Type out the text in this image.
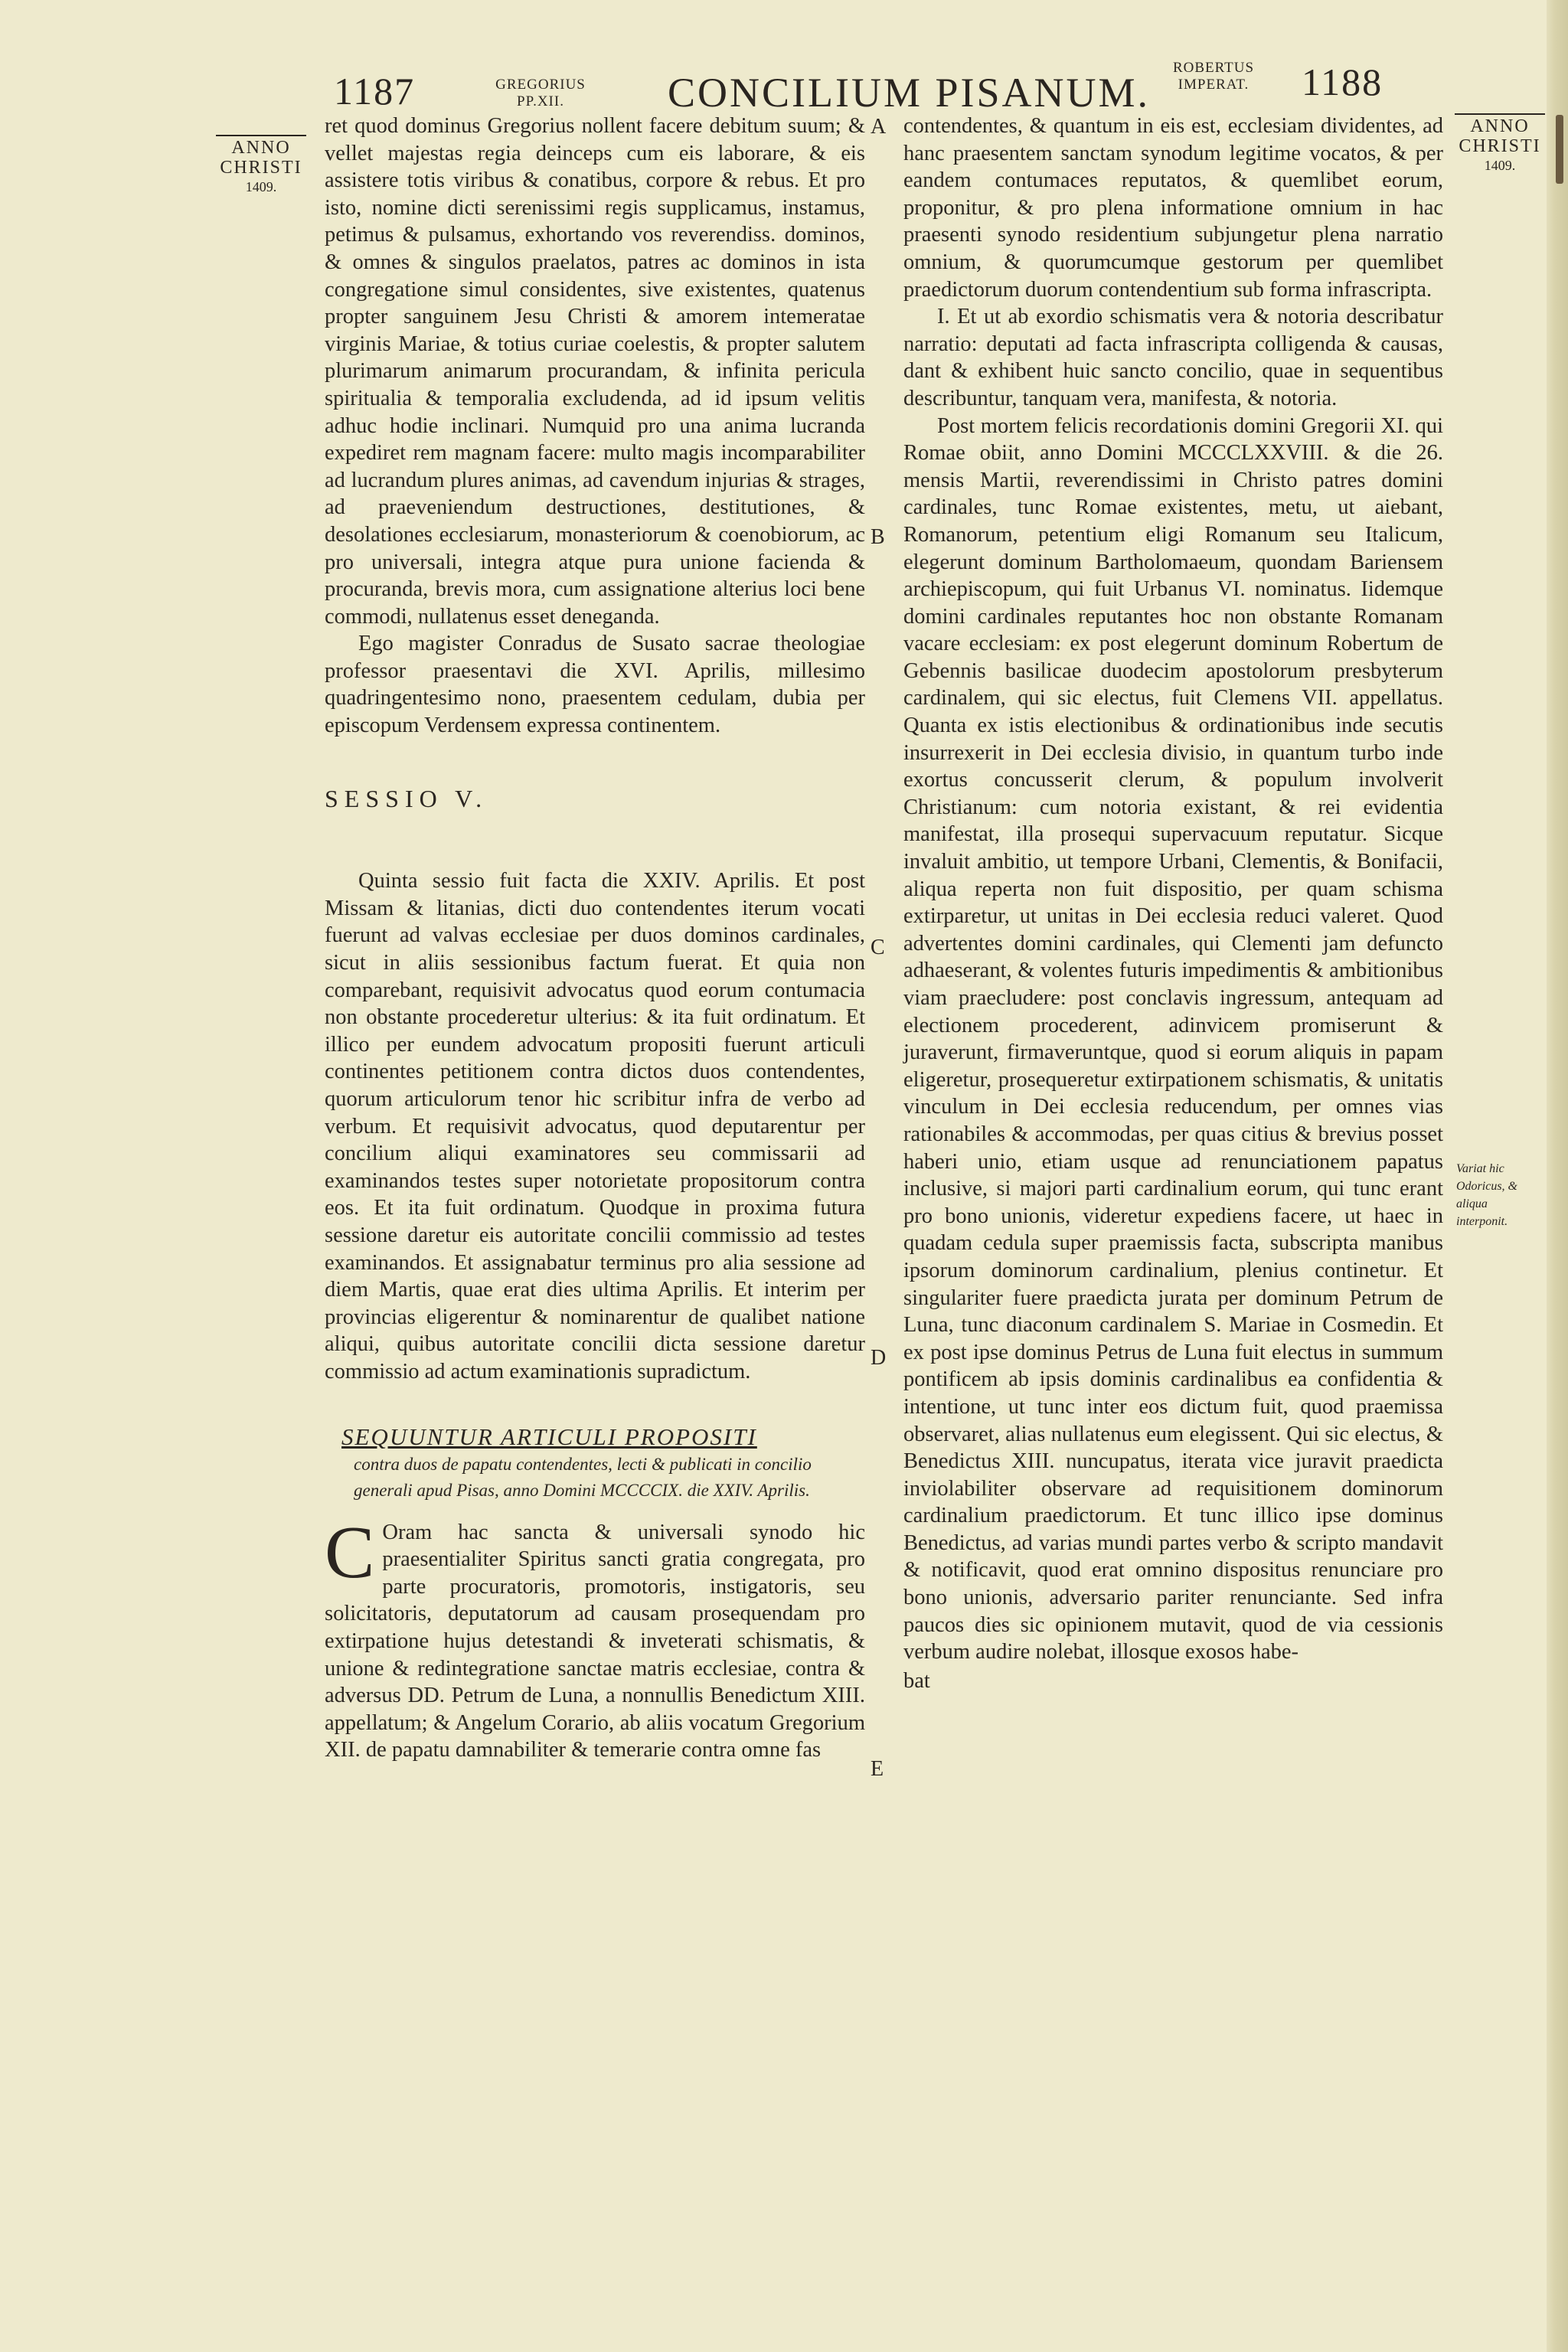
1187	GREGORIUS PP.XII.	CONCILIUM PISANUM.
ROBERTUS IMPERAT.	1188
ANNO
CHRISTI
1409.
ANNO
CHRISTI
1409.
Variat hic Odoricus, & aliqua interponit.
A
B
C
D
E

ret quod dominus Gregorius nollent facere debitum suum; & vellet majestas regia deinceps cum eis laborare, & eis assistere totis viribus & conatibus, corpore & rebus. Et pro isto, nomine dicti serenissimi regis supplicamus, instamus, petimus & pulsamus, exhortando vos reverendiss. dominos, & omnes & singulos praelatos, patres ac dominos in ista congregatione simul considentes, sive existentes, quatenus propter sanguinem Jesu Christi & amorem intemeratae virginis Mariae, & totius curiae coelestis, & propter salutem plurimarum animarum procurandam, & infinita pericula spiritualia & temporalia excludenda, ad id ipsum velitis adhuc hodie inclinari. Numquid pro una anima lucranda expediret rem magnam facere: multo magis incomparabiliter ad lucrandum plures animas, ad cavendum injurias & strages, ad praeveniendum destructiones, destitutiones, & desolationes ecclesiarum, monasteriorum & coenobiorum, ac pro universali, integra atque pura unione facienda & procuranda, brevis mora, cum assignatione alterius loci bene commodi, nullatenus esset deneganda.

Ego magister Conradus de Susato sacrae theologiae professor praesentavi die XVI. Aprilis, millesimo quadringentesimo nono, praesentem cedulam, dubia per episcopum Verdensem expressa continentem.

SESSIO V.

Quinta sessio fuit facta die XXIV. Aprilis. Et post Missam & litanias, dicti duo contendentes iterum vocati fuerunt ad valvas ecclesiae per duos dominos cardinales, sicut in aliis sessionibus factum fuerat. Et quia non comparebant, requisivit advocatus quod eorum contumacia non obstante procederetur ulterius: & ita fuit ordinatum. Et illico per eundem advocatum propositi fuerunt articuli continentes petitionem contra dictos duos contendentes, quorum articulorum tenor hic scribitur infra de verbo ad verbum. Et requisivit advocatus, quod deputarentur per concilium aliqui examinatores seu commissarii ad examinandos testes super notorietate propositorum contra eos. Et ita fuit ordinatum. Quodque in proxima futura sessione daretur eis autoritate concilii commissio ad testes examinandos. Et assignabatur terminus pro alia sessione ad diem Martis, quae erat dies ultima Aprilis. Et interim per provincias eligerentur & nominarentur de qualibet natione aliqui, quibus autoritate concilii dicta sessione daretur commissio ad actum examinationis supradictum.

SEQUUNTUR ARTICULI PROPOSITI
contra duos de papatu contendentes, lecti & publicati in concilio generali apud Pisas, anno Domini MCCCCIX. die XXIV. Aprilis.

C Oram hac sancta & universali synodo hic praesentialiter Spiritus sancti gratia congregata, pro parte procuratoris, promotoris, instigatoris, seu solicitatoris, deputatorum ad causam prosequendam pro extirpatione hujus detestandi & inveterati schismatis, & unione & redintegratione sanctae matris ecclesiae, contra & adversus DD. Petrum de Luna, a nonnullis Benedictum XIII. appellatum; & Angelum Corario, ab aliis vocatum Gregorium XII. de papatu damnabiliter & temerarie contra omne fas

contendentes, & quantum in eis est, ecclesiam dividentes, ad hanc praesentem sanctam synodum legitime vocatos, & per eandem contumaces reputatos, & quemlibet eorum, proponitur, & pro plena informatione omnium in hac praesenti synodo residentium subjungetur plena narratio omnium, & quorumcumque gestorum per quemlibet praedictorum duorum contendentium sub forma infrascripta.

I. Et ut ab exordio schismatis vera & notoria describatur narratio: deputati ad facta infrascripta colligenda & causas, dant & exhibent huic sancto concilio, quae in sequentibus describuntur, tanquam vera, manifesta, & notoria.

Post mortem felicis recordationis domini Gregorii XI. qui Romae obiit, anno Domini MCCCLXXVIII. & die 26. mensis Martii, reverendissimi in Christo patres domini cardinales, tunc Romae existentes, metu, ut aiebant, Romanorum, petentium eligi Romanum seu Italicum, elegerunt dominum Bartholomaeum, quondam Bariensem archiepiscopum, qui fuit Urbanus VI. nominatus. Iidemque domini cardinales reputantes hoc non obstante Romanam vacare ecclesiam: ex post elegerunt dominum Robertum de Gebennis basilicae duodecim apostolorum presbyterum cardinalem, qui sic electus, fuit Clemens VII. appellatus. Quanta ex istis electionibus & ordinationibus inde secutis insurrexerit in Dei ecclesia divisio, in quantum turbo inde exortus concusserit clerum, & populum involverit Christianum: cum notoria existant, & rei evidentia manifestat, illa prosequi supervacuum reputatur. Sicque invaluit ambitio, ut tempore Urbani, Clementis, & Bonifacii, aliqua reperta non fuit dispositio, per quam schisma extirparetur, ut unitas in Dei ecclesia reduci valeret. Quod advertentes domini cardinales, qui Clementi jam defuncto adhaeserant, & volentes futuris impedimentis & ambitionibus viam praecludere: post conclavis ingressum, antequam ad electionem procederent, adinvicem promiserunt & juraverunt, firmaveruntque, quod si eorum aliquis in papam eligeretur, prosequeretur extirpationem schismatis, & unitatis vinculum in Dei ecclesia reducendum, per omnes vias rationabiles & accommodas, per quas citius & brevius posset haberi unio, etiam usque ad renunciationem papatus inclusive, si majori parti cardinalium eorum, qui tunc erant pro bono unionis, videretur expediens facere, ut haec in quadam cedula super praemissis facta, subscripta manibus ipsorum dominorum cardinalium, plenius continetur. Et singulariter fuere praedicta jurata per dominum Petrum de Luna, tunc diaconum cardinalem S. Mariae in Cosmedin. Et ex post ipse dominus Petrus de Luna fuit electus in summum pontificem ab ipsis dominis cardinalibus ea confidentia & intentione, ut tunc inter eos dictum fuit, quod praemissa observaret, alias nullatenus eum elegissent. Qui sic electus, & Benedictus XIII. nuncupatus, iterata vice juravit praedicta inviolabiliter observare ad requisitionem dominorum cardinalium praedictorum. Et tunc illico ipse dominus Benedictus, ad varias mundi partes verbo & scripto mandavit & notificavit, quod erat omnino dispositus renunciare pro bono unionis, adversario pariter renunciante. Sed infra paucos dies sic opinionem mutavit, quod de via cessionis verbum audire nolebat, illosque exosos habe-

bat
